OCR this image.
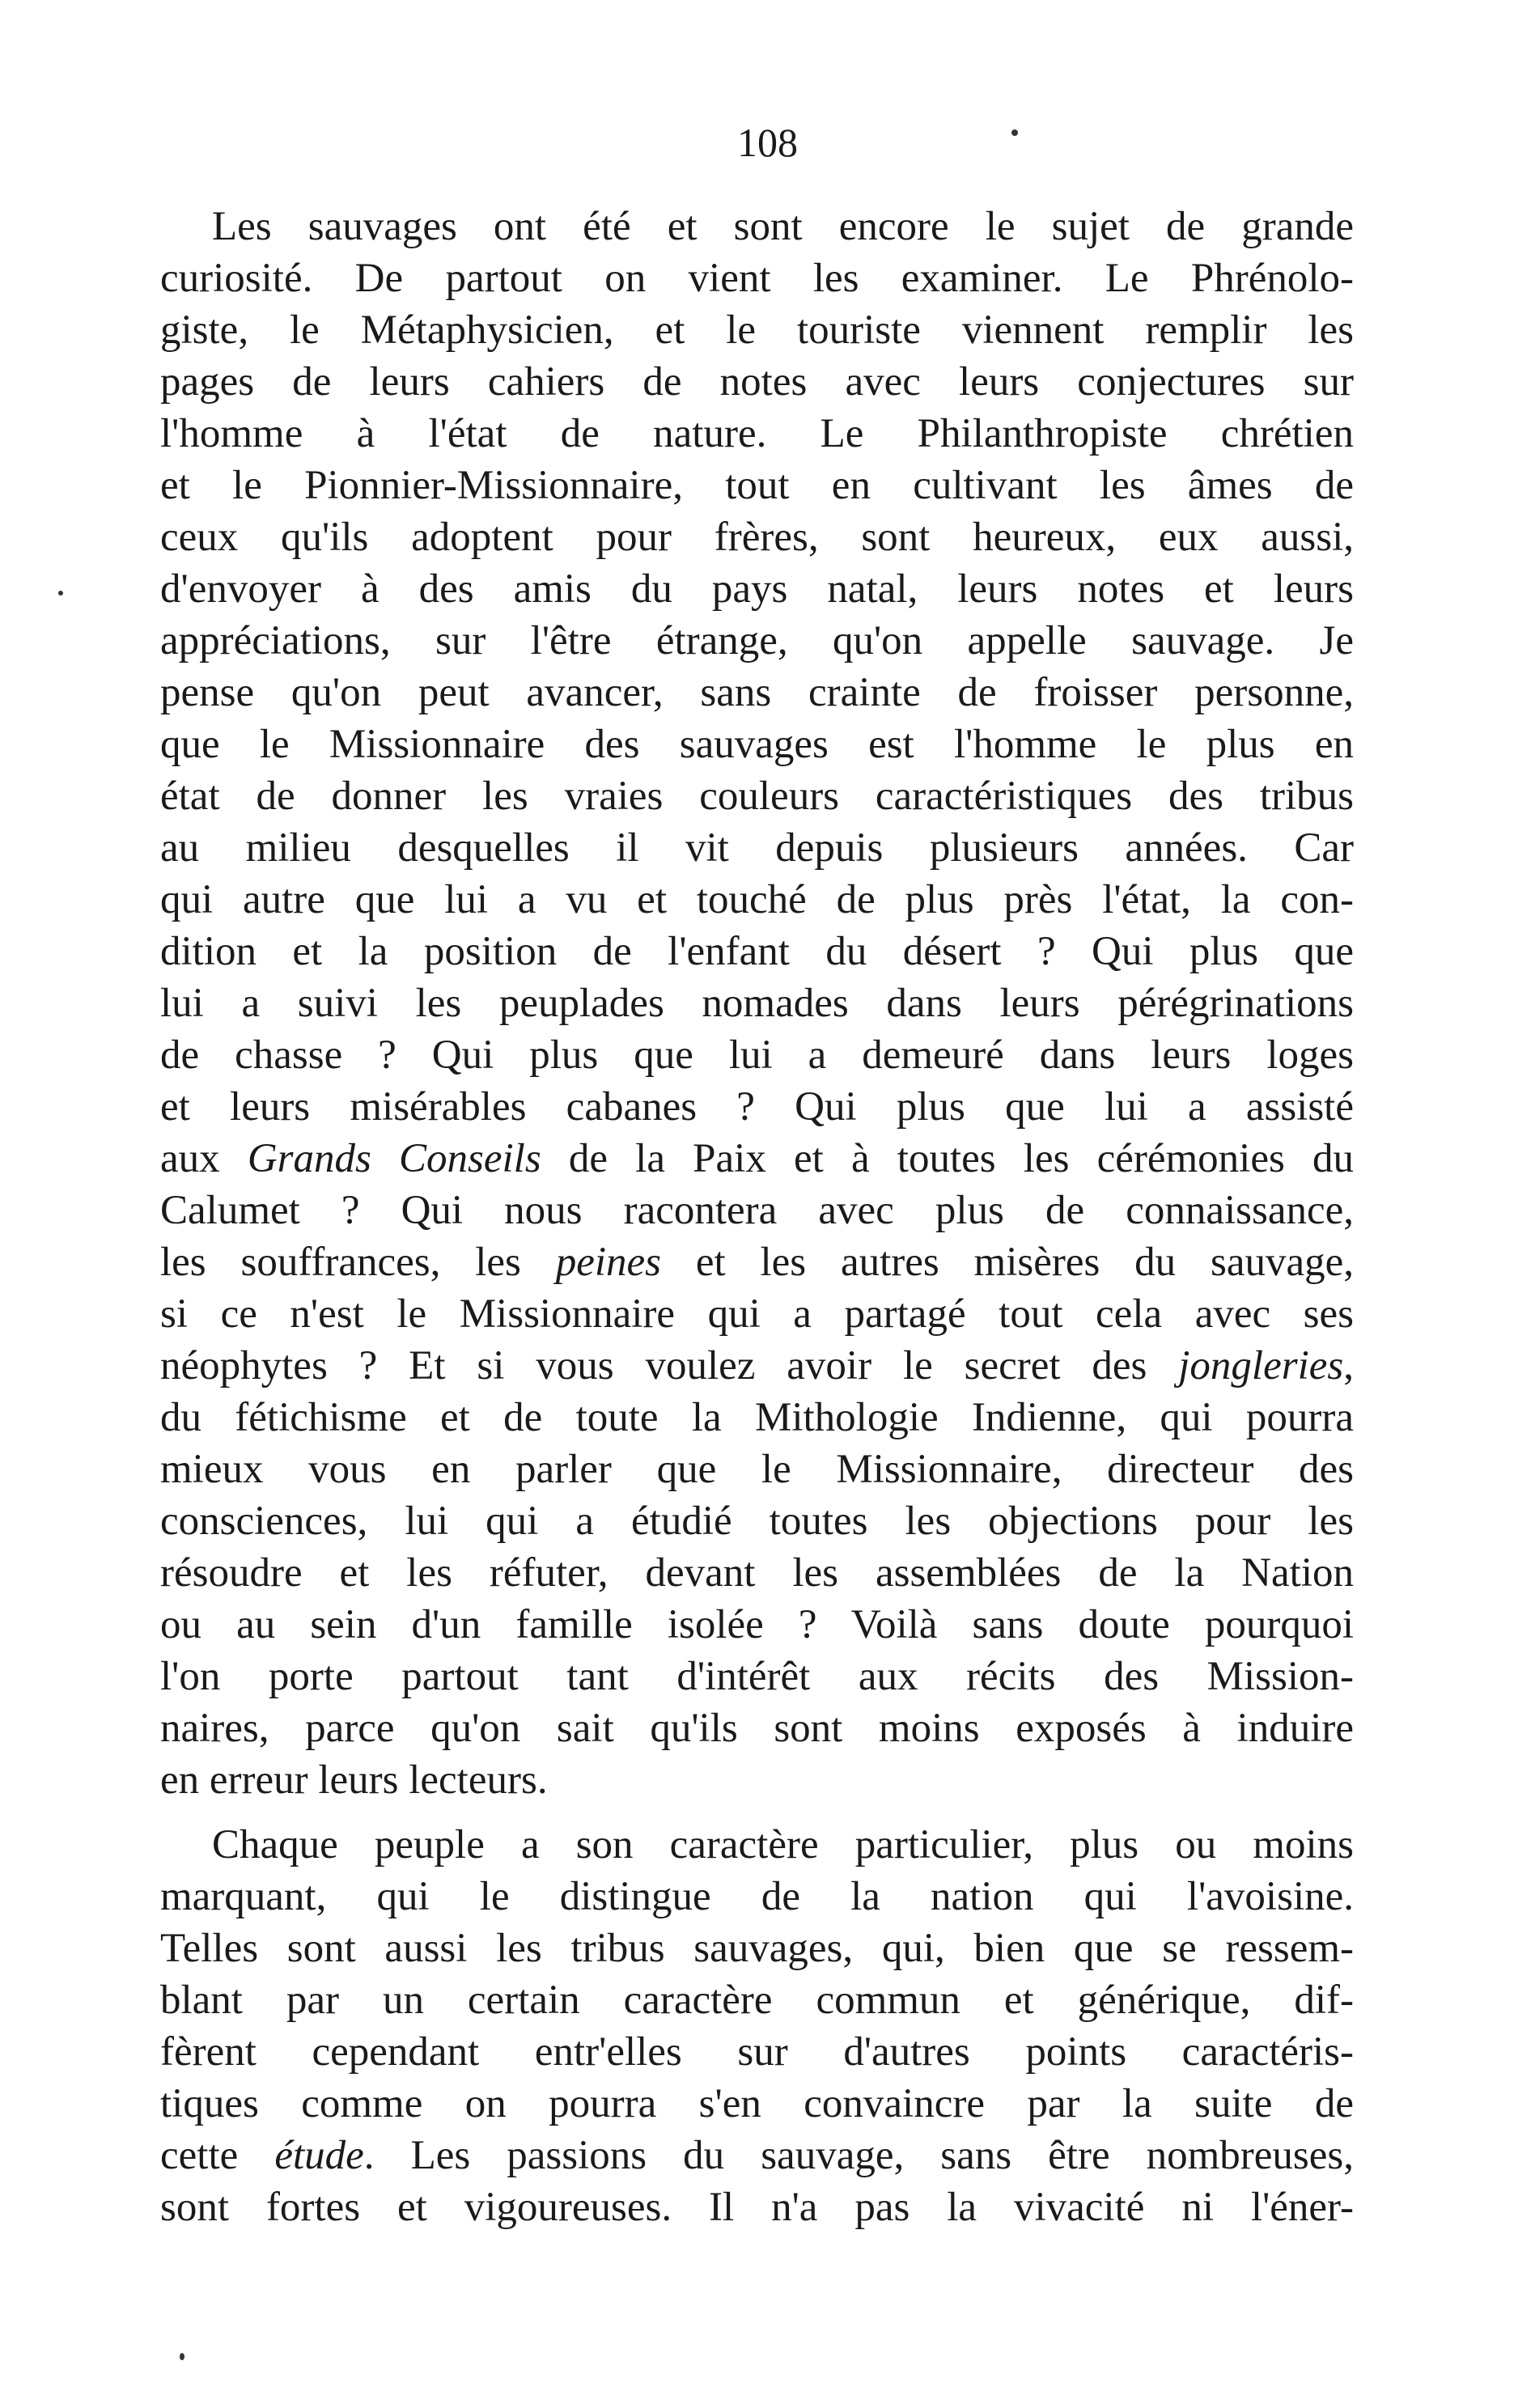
108
Les sauvages ont été et sont encore le sujet de grande
curiosité. De partout on vient les examiner. Le Phrénolo-
giste, le Métaphysicien, et le touriste viennent remplir les
pages de leurs cahiers de notes avec leurs conjectures sur
l'homme à l'état de nature. Le Philanthropiste chrétien
et le Pionnier-Missionnaire, tout en cultivant les âmes de
ceux qu'ils adoptent pour frères, sont heureux, eux aussi,
d'envoyer à des amis du pays natal, leurs notes et leurs
appréciations, sur l'être étrange, qu'on appelle sauvage. Je
pense qu'on peut avancer, sans crainte de froisser personne,
que le Missionnaire des sauvages est l'homme le plus en
état de donner les vraies couleurs caractéristiques des tribus
au milieu desquelles il vit depuis plusieurs années. Car
qui autre que lui a vu et touché de plus près l'état, la con-
dition et la position de l'enfant du désert ? Qui plus que
lui a suivi les peuplades nomades dans leurs pérégrinations
de chasse ? Qui plus que lui a demeuré dans leurs loges
et leurs misérables cabanes ? Qui plus que lui a assisté
aux Grands Conseils de la Paix et à toutes les cérémonies du
Calumet ? Qui nous racontera avec plus de connaissance,
les souffrances, les peines et les autres misères du sauvage,
si ce n'est le Missionnaire qui a partagé tout cela avec ses
néophytes ? Et si vous voulez avoir le secret des jongleries,
du fétichisme et de toute la Mithologie Indienne, qui pourra
mieux vous en parler que le Missionnaire, directeur des
consciences, lui qui a étudié toutes les objections pour les
résoudre et les réfuter, devant les assemblées de la Nation
ou au sein d'un famille isolée ? Voilà sans doute pourquoi
l'on porte partout tant d'intérêt aux récits des Mission-
naires, parce qu'on sait qu'ils sont moins exposés à induire
en erreur leurs lecteurs.
Chaque peuple a son caractère particulier, plus ou moins
marquant, qui le distingue de la nation qui l'avoisine.
Telles sont aussi les tribus sauvages, qui, bien que se ressem-
blant par un certain caractère commun et générique, dif-
fèrent cependant entr'elles sur d'autres points caractéris-
tiques comme on pourra s'en convaincre par la suite de
cette étude. Les passions du sauvage, sans être nombreuses,
sont fortes et vigoureuses. Il n'a pas la vivacité ni l'éner-
